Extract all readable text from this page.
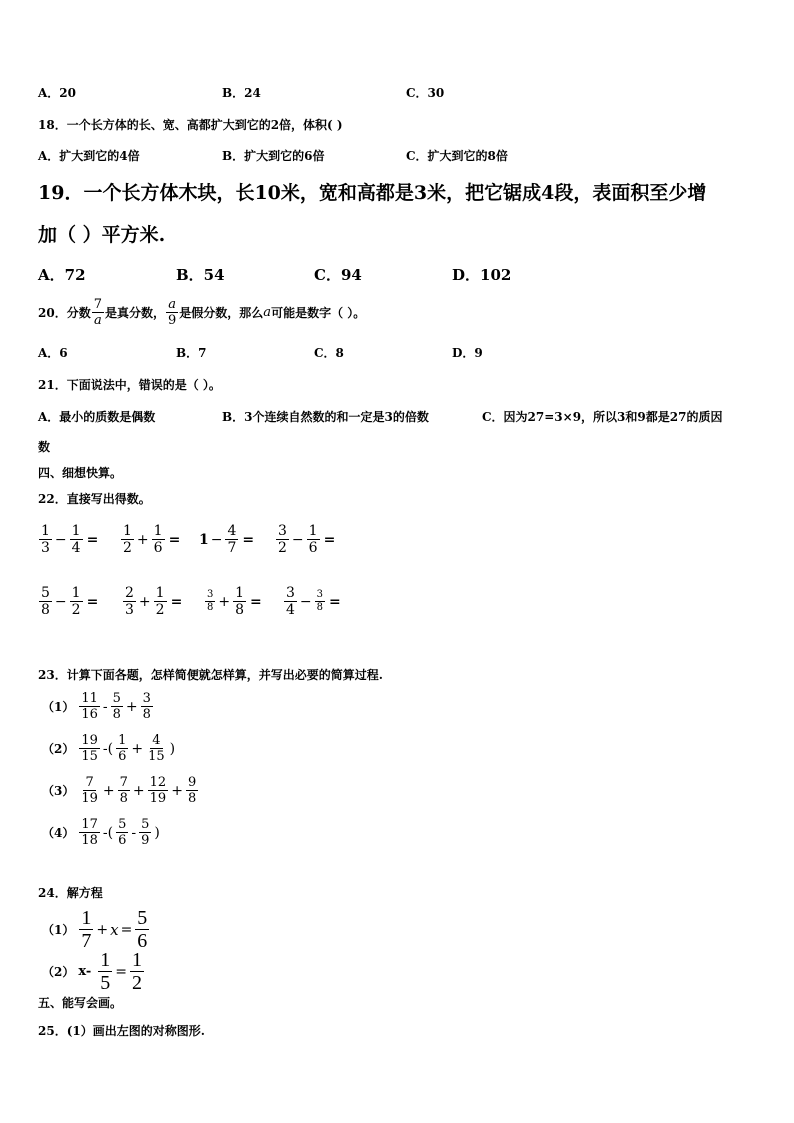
A．20	B．24	C．30
18．一个长方体的长、宽、高都扩大到它的2倍，体积( )
A．扩大到它的4倍	B．扩大到它的6倍	C．扩大到它的8倍
19．一个长方体木块，长10米，宽和高都是3米，把它锯成4段，表面积至少增
加（ ）平方米.
A．72	B．54	C．94	D．102
20．分数 $\frac{7}{a}$ 是真分数， $\frac{a}{9}$ 是假分数，那么 a 可能是数字（ ）。
A．6	B．7	C．8	D．9
21．下面说法中，错误的是（ ）。
A．最小的质数是偶数	B．3个连续自然数的和一定是3的倍数	C．因为27=3×9，所以3和9都是27的质因
数
四、细想快算。
22．直接写出得数。
$\frac{1}{3} - \frac{1}{4} = \frac{1}{2} + \frac{1}{6} = 1 - \frac{4}{7} = \frac{3}{2} - \frac{1}{6}$ =
$\frac{5}{8} - \frac{1}{2} = \frac{2}{3} + \frac{1}{2} = \frac{3}{8} + \frac{1}{8} = \frac{3}{4} - \frac{3}{8}$ =
23．计算下面各题，怎样简便就怎样算，并写出必要的简算过程.
$(1) \frac{11}{16} - \frac{5}{8} + \frac{3}{8}$
$(2) \frac{19}{15}$ -( $\frac{1}{6} + \frac{4}{15}$ )
$(3) \frac{7}{19} + \frac{7}{8} + \frac{12}{19} + \frac{9}{8}$
$(4) \frac{17}{18}$ -( $\frac{5}{6} - \frac{5}{9}$ )
24．解方程
$(1) \frac{1}{7} + x = \frac{5}{6}$
（2） $x- \frac{1}{5} = \frac{1}{2}$
五、能写会画。
25．(1）画出左图的对称图形.
